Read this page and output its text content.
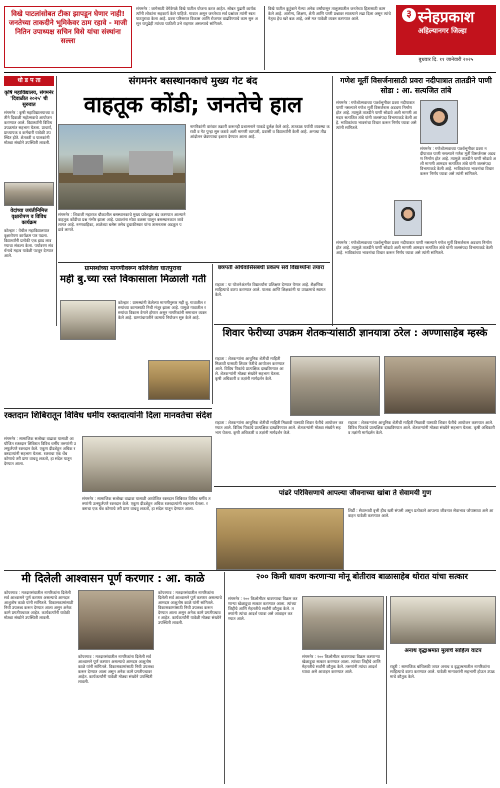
३ स्नेहप्रकाश
अहिल्यानगर जिल्हा
बुधवार दि. ११ जानेवारी २०२५
विखे पाटलांसोबत टीका झापडून घेणार नाही! जनतेच्या ताकदीने भूमिकेवर ठाम रहावे - माजी नितिन उपाध्यक्ष सचिन विसे यांचा संस्थांना सल्ला
संगमनेर : जागेसाठी वेगेवेगळे विखे पाटील योजना करत आहेत. सोबत पुढारी कार्यकर्त्यांनी लोकांना सहकार्य केले पाहिजे. गावात असून जनतेच्या सर्व प्रश्नांवर त्यांनी स्वतः पाठपुरावा केला आहे. प्रवरा परिसरात विकास आणि रोजगार वाढविण्याचे काम सुरु असून यापुढेही त्यांच्या पाठीशी उभे राहणार असल्याचे सांगितले.
विखे पाटील कुटुंबाने गेल्या अनेक वर्षांपासून तालुक्यातील जनतेच्या हितासाठी काम केले आहे. आरोग्य, शिक्षण, शेती आणि पाणी प्रश्नावर सातत्याने लढा दिला असून त्यांचे नेतृत्व हेच खरे बळ आहे, असे मत यावेळी व्यक्त करण्यात आले.
धो ड प ता	संगमनेर बसस्थानकाचे मुख्य गेट बंद
वाहतूक कोंडी; जनतेचे हाल
संगमनेर : शिवाजी महाराज चौकातील बसस्थानकाचे मुख्य प्रवेशद्वार बंद करण्यात आल्याने वाहतूक कोंडीचा प्रश्न गंभीर झाला आहे. प्रवाशांना मोठा वळसा घालून बसस्थानकात जावे लागत आहे. रुग्णवाहिका, शाळेच्या बसेस तसेच दुचाकीस्वार यांना तासनतास अडकून पडावे लागते.
नागरिकांनी वारंवार तक्रारी करूनही प्रशासनाने याकडे दुर्लक्ष केले आहे. तात्काळ पर्यायी व्यवस्था करावी व गेट पुन्हा सुरु करावे अशी मागणी व्यापारी, प्रवासी व विद्यार्थ्यांनी केली आहे. अन्यथा तीव्र आंदोलन छेडण्याचा इशारा देण्यात आला आहे.
कृषि महाविद्यालय, संगमनेर 'दिवाळीत २०२५' ची सुरुवात
संगमनेर : कृषी महाविद्यालयाच्या वतीने दिवाळी महोत्सवाचे आयोजन करण्यात आले. विद्यार्थ्यांनी विविध उपक्रमांत सहभाग घेतला. प्राचार्य, प्राध्यापक व कर्मचारी यावेळी उपस्थित होते. शेतकरी व पालकांनी मोठ्या संख्येने उपस्थिती लावली.
वेदांच्या जयंतीनिमित्त वृक्षारोपण व विविध कार्यक्रम
कोल्हार : येथील महाविद्यालयात वृक्षारोपण कार्यक्रम पार पडला. विद्यार्थ्यांनी प्रत्येकी एक झाड लावण्याचा संकल्प केला. पर्यावरण संवर्धनाचे महत्व यावेळी पटवून देण्यात आले.
ग्रामस्थांच्या मागणीवरून कॉलेजेला घातपुरावा
मही बु.च्या रस्ते विकासाला मिळाली गती
कोल्हार : ग्रामस्थांनी केलेल्या मागणीनुसार मही बु. गावातील रस्त्यांच्या कामासाठी निधी मंजूर झाला आहे. यामुळे गावातील रस्त्यांचा विकास वेगाने होणार असून नागरिकांनी समाधान व्यक्त केले आहे. ग्रामपंचायतीने कामाचे नियोजन सुरु केले आहे.
छत्रपती अधिवासिसंबंधी प्रकल्प सर्व विद्यार्थ्यांना तयारा
राहाता : या योजनेअंतर्गत विद्यार्थ्यांना प्रशिक्षण देण्यात येणार आहे. शैक्षणिक साहित्याचे वाटप करण्यात आले. पालक आणि शिक्षकांनी या उपक्रमाचे स्वागत केले.
गणेश मूर्ती विसर्जनासाठी प्रवरा नदीपात्रात तातडीने पाणी सोडा : आ. सत्यजित तांबे
संगमनेर : गणेशोत्सवाच्या पार्श्वभूमीवर प्रवरा नदीपात्रात पाणी नसल्याने गणेश मूर्ती विसर्जनास अडचण निर्माण होत आहे. त्यामुळे तातडीने पाणी सोडावे अशी मागणी आमदार सत्यजित तांबे यांनी जलसंपदा विभागाकडे केली आहे. भाविकांच्या भावनांचा विचार करून निर्णय घ्यावा असे त्यांनी सांगितले.
संगमनेर : गणेशोत्सवाच्या पार्श्वभूमीवर प्रवरा नदीपात्रात पाणी नसल्याने गणेश मूर्ती विसर्जनास अडचण निर्माण होत आहे. त्यामुळे तातडीने पाणी सोडावे अशी मागणी आमदार सत्यजित तांबे यांनी जलसंपदा विभागाकडे केली आहे. भाविकांच्या भावनांचा विचार करून निर्णय घ्यावा असे त्यांनी सांगितले.
संगमनेर : गणेशोत्सवाच्या पार्श्वभूमीवर प्रवरा नदीपात्रात पाणी नसल्याने गणेश मूर्ती विसर्जनास अडचण निर्माण होत आहे. त्यामुळे तातडीने पाणी सोडावे अशी मागणी आमदार सत्यजित तांबे यांनी जलसंपदा विभागाकडे केली आहे. भाविकांच्या भावनांचा विचार करून निर्णय घ्यावा असे त्यांनी सांगितले.
शिवार फेरीच्या उपक्रम शेतकऱ्यांसाठी ज्ञानयात्रा ठरेल : अण्णासाहेब म्हस्के
राहाता : शेतकऱ्यांना आधुनिक शेतीची माहिती मिळावी यासाठी शिवार फेरीचे आयोजन करण्यात आले. विविध पिकांचे प्रात्यक्षिक दाखविण्यात आले. शेतकऱ्यांनी मोठ्या संख्येने सहभाग घेतला. कृषी अधिकारी व तज्ञांनी मार्गदर्शन केले.
राहाता : शेतकऱ्यांना आधुनिक शेतीची माहिती मिळावी यासाठी शिवार फेरीचे आयोजन करण्यात आले. विविध पिकांचे प्रात्यक्षिक दाखविण्यात आले. शेतकऱ्यांनी मोठ्या संख्येने सहभाग घेतला. कृषी अधिकारी व तज्ञांनी मार्गदर्शन केले.
राहाता : शेतकऱ्यांना आधुनिक शेतीची माहिती मिळावी यासाठी शिवार फेरीचे आयोजन करण्यात आले. विविध पिकांचे प्रात्यक्षिक दाखविण्यात आले. शेतकऱ्यांनी मोठ्या संख्येने सहभाग घेतला. कृषी अधिकारी व तज्ञांनी मार्गदर्शन केले.
पांढरे परिविसणाचे आपल्या जीवनाच्या खांबा ते सेवामयी गुण
शिर्डी : सेवाभावी वृत्ती हीच खरी संपत्ती असून प्रत्येकाने आपल्या जीवनात सेवाभाव जोपासावा असे आवाहन यावेळी करण्यात आले.
रक्तदान शिबिरातून विविध धर्मीय रक्तदात्यांनी दिला मानवतेचा संदेश
संगमनेर : सामाजिक सलोखा वाढावा यासाठी आयोजित रक्तदान शिबिरात विविध धर्मीय तरुणांनी उत्स्फूर्तपणे रक्तदान केले. एकूण दीडशेहून अधिक रक्तदात्यांनी सहभाग घेतला. रक्ताचा एक थेंब कोणाचे तरी प्राण वाचवू शकतो, हा संदेश यातून देण्यात आला.
संगमनेर : सामाजिक सलोखा वाढावा यासाठी आयोजित रक्तदान शिबिरात विविध धर्मीय तरुणांनी उत्स्फूर्तपणे रक्तदान केले. एकूण दीडशेहून अधिक रक्तदात्यांनी सहभाग घेतला. रक्ताचा एक थेंब कोणाचे तरी प्राण वाचवू शकतो, हा संदेश यातून देण्यात आला.
मी दिलेली आश्वासन पूर्ण करणार : आ. काळे
कोपरगाव : मतदारसंघातील नागरिकांना दिलेली सर्व आश्वासने पूर्ण करणार असल्याचे आमदार आशुतोष काळे यांनी सांगितले. विकासकामांसाठी निधी उपलब्ध करून देण्यात आला असून अनेक कामे प्रगतीपथावर आहेत. कार्यकर्त्यांनी यावेळी मोठ्या संख्येने उपस्थिती लावली.
कोपरगाव : मतदारसंघातील नागरिकांना दिलेली सर्व आश्वासने पूर्ण करणार असल्याचे आमदार आशुतोष काळे यांनी सांगितले. विकासकामांसाठी निधी उपलब्ध करून देण्यात आला असून अनेक कामे प्रगतीपथावर आहेत. कार्यकर्त्यांनी यावेळी मोठ्या संख्येने उपस्थिती लावली.
कोपरगाव : मतदारसंघातील नागरिकांना दिलेली सर्व आश्वासने पूर्ण करणार असल्याचे आमदार आशुतोष काळे यांनी सांगितले. विकासकामांसाठी निधी उपलब्ध करून देण्यात आला असून अनेक कामे प्रगतीपथावर आहेत. कार्यकर्त्यांनी यावेळी मोठ्या संख्येने उपस्थिती लावली.
२०० किमी धावण करणाऱ्या मोनू बोतीराव बाळासाहेब थोरात यांचा सत्कार
संगमनेर : २०० किलोमीटर धावण्याचा विक्रम करणाऱ्या खेळाडूचा सत्कार करण्यात आला. त्यांच्या जिद्दीचे आणि मेहनतीचे सर्वांनी कौतुक केले. तरुणांनी त्यांचा आदर्श घ्यावा असे आवाहन करण्यात आले.
संगमनेर : २०० किलोमीटर धावण्याचा विक्रम करणाऱ्या खेळाडूचा सत्कार करण्यात आला. त्यांच्या जिद्दीचे आणि मेहनतीचे सर्वांनी कौतुक केले. तरुणांनी त्यांचा आदर्श घ्यावा असे आवाहन करण्यात आले.
अनाथ वृद्धाश्रमात मुलांचे साहित्य वाटप
राहुरी : सामाजिक बांधिलकी जपत अनाथ व वृद्धाश्रमातील नागरिकांना साहित्याचे वाटप करण्यात आले. यावेळी मान्यवरांनी सहभागी होऊन उपक्रमाचे कौतुक केले.
